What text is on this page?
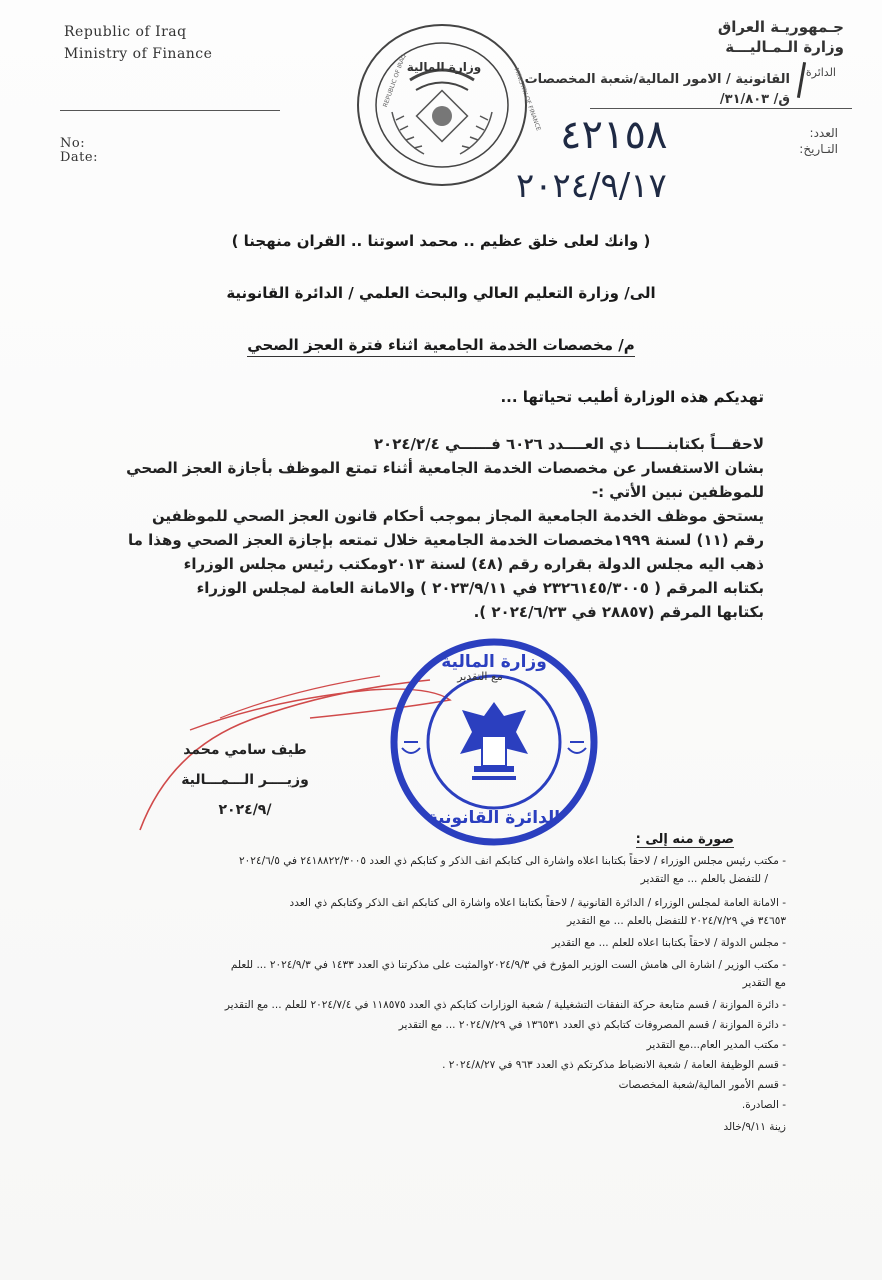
Republic of Iraq
Ministry of Finance
No:
Date:
جـمهوريـة العراق
وزارة الـمـاليـــة
الدائرة
القانونية / الامور المالية/شعبة المخصصات
ق/ ٣١/٨٠٣/
العدد:
التـاريخ:
REPUBLIC OF IRAQ	MINISTRY OF FINANCE
وزارة المالية
٤٢١٥٨
٢٠٢٤/٩/١٧
( وانك لعلى خلق عظيم .. محمد اسوتنا .. القران منهجنا )
الى/ وزارة التعليم العالي والبحث العلمي / الدائرة القانونية
م/ مخصصات الخدمة الجامعية اثناء فترة العجز الصحي
تهديكم هذه الوزارة أطيب تحياتها ...
لاحقـــاً بكتابنـــــا ذي العــــدد ٦٠٢٦ فــــــي ٢٠٢٤/٢/٤
بشان الاستفسار عن مخصصات الخدمة الجامعية أثناء تمتع الموظف بأجازة العجز الصحي
للموظفين نبين الأتي :-
يستحق موظف الخدمة الجامعية المجاز بموجب أحكام قانون العجز الصحي للموظفين
رقم (١١) لسنة ١٩٩٩مخصصات الخدمة الجامعية خلال تمتعه بإجازة العجز الصحي وهذا ما
ذهب اليه مجلس الدولة بقراره رقم (٤٨) لسنة ٢٠١٣ومكتب رئيس مجلس الوزراء
بكتابه المرقم ( ٢٣٢٦١٤٥/٣٠٠٥ في ٢٠٢٣/٩/١١ ) والامانة العامة لمجلس الوزراء
بكتابها المرقم (٢٨٨٥٧ في ٢٠٢٤/٦/٢٣ ).
وزارة المالية
مع التقدير
الدائرة القانونية
طيف سامي محمد
وزيــــر الـــمـــالية
٢٠٢٤/٩/
صورة منه إلى :
- مكتب رئيس مجلس الوزراء / لاحقاً بكتابنا اعلاه واشارة الى كتابكم انف الذكر و كتابكم ذي العدد ٢٤١٨٨٢٢/٣٠٠٥ في ٢٠٢٤/٦/٥
/ للتفضل بالعلم ... مع التقدير
- الامانة العامة لمجلس الوزراء / الدائرة القانونية / لاحقاً بكتابنا اعلاه واشارة الى كتابكم انف الذكر وكتابكم ذي العدد
٣٤٦٥٣ في ٢٠٢٤/٧/٢٩ للتفضل بالعلم ... مع التقدير
- مجلس الدولة / لاحقاً بكتابنا اعلاه للعلم ... مع التقدير
- مكتب الوزير / اشارة الى هامش الست الوزير المؤرخ في ٢٠٢٤/٩/٣والمثبت على مذكرتنا ذي العدد ١٤٣٣ في ٢٠٢٤/٩/٣ ... للعلم
مع التقدير
- دائرة الموازنة / قسم متابعة حركة النفقات التشغيلية / شعبة الوزارات كتابكم ذي العدد ١١٨٥٧٥ في ٢٠٢٤/٧/٤ للعلم ... مع التقدير
- دائرة الموازنة / قسم المصروفات كتابكم ذي العدد ١٣٦٥٣١ في ٢٠٢٤/٧/٢٩ ... مع التقدير
- مكتب المدير العام...مع التقدير
- قسم الوظيفة العامة / شعبة الانضباط مذكرتكم ذي العدد ٩٦٣ في ٢٠٢٤/٨/٢٧ .
- قسم الأمور المالية/شعبة المخصصات
- الصادرة.
زينة ٩/١١/خالد
